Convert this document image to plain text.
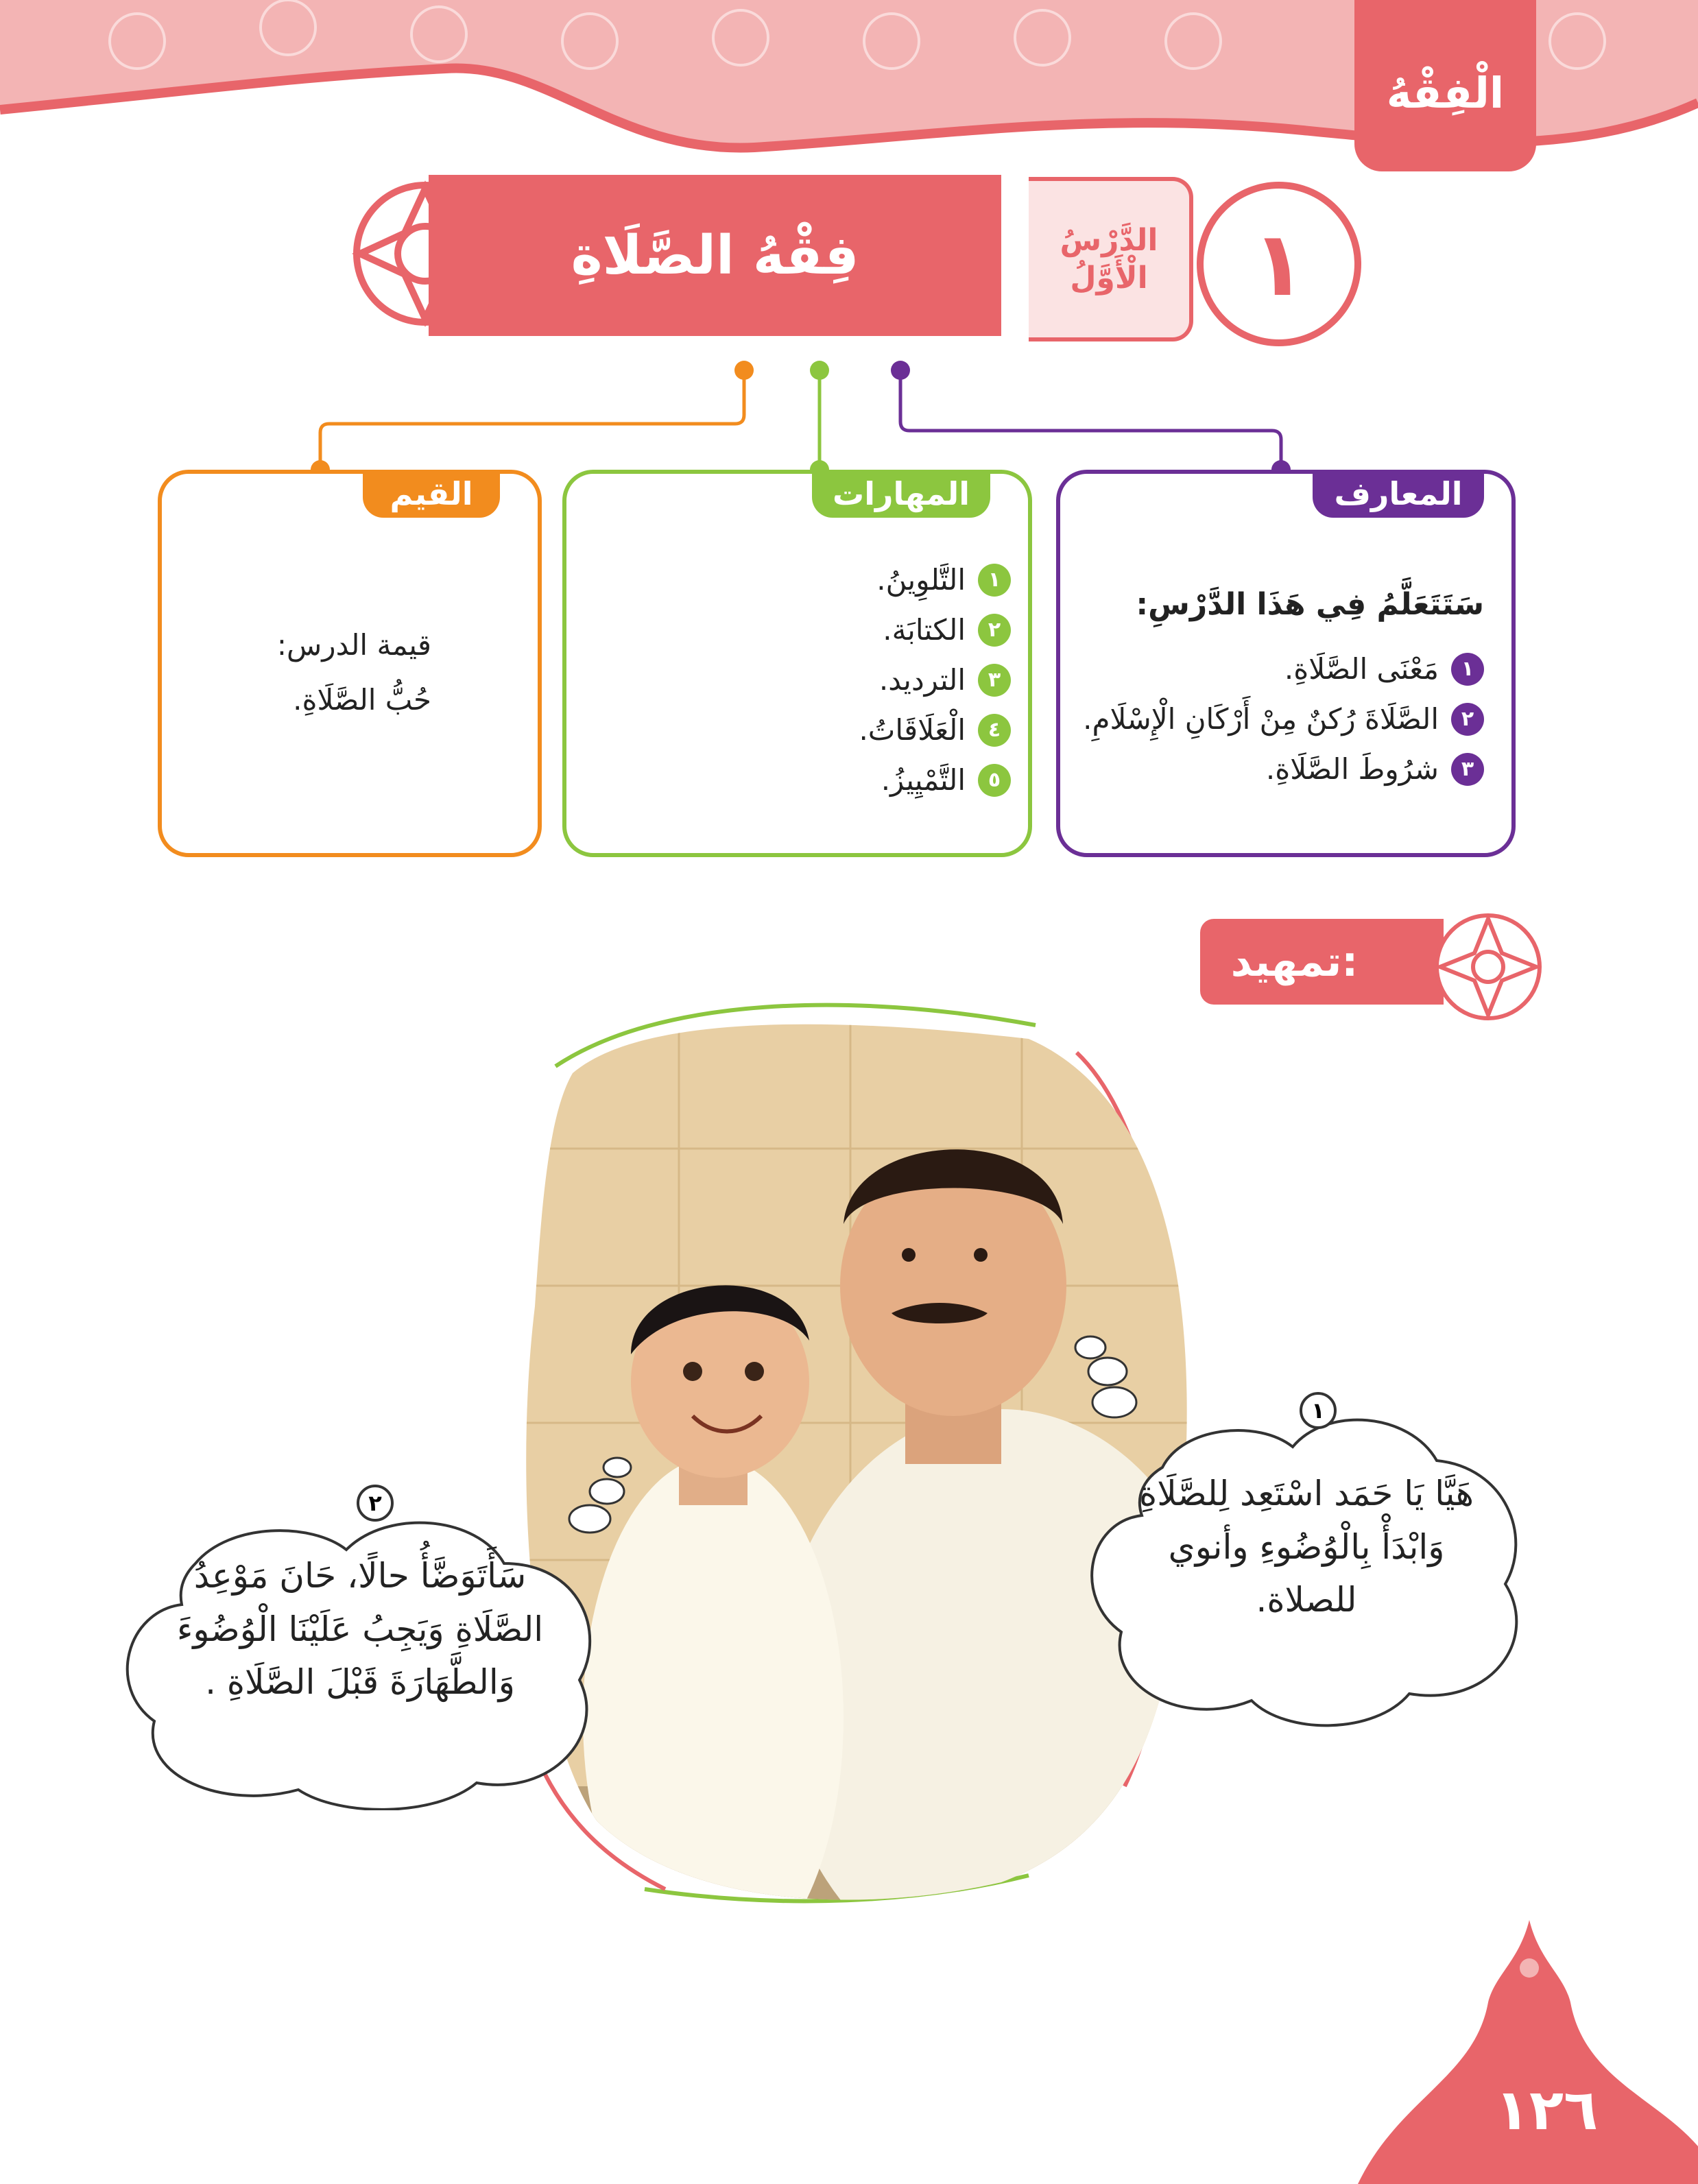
الْفِقْهُ
فِقْهُ الصَّلَاةِ	الدَّرْسُ
الْأَوَّلُ	١
المعارف
سَتَتَعَلَّمُ فِي هَذَا الدَّرْسِ:
١
مَعْنَى الصَّلَاةِ.
٢
الصَّلَاةَ رُكنٌ مِنْ أَرْكَانِ الْإِسْلَامِ.
٣
شرُوطَ الصَّلَاةِ.
المهارات
١
التَّلوِينُ.
٢
الكتابَة.
٣
الترديد.
٤
الْعَلَاقَاتُ.
٥
التَّمْيِيزُ.
القيم
قيمة الدرس:
حُبُّ الصَّلَاةِ.
تمهيد:
١
هَيَّا يَا حَمَد اسْتَعِد لِلصَّلَاةِ
وَابْدَأْ بِالْوُضُوءِ وأنوي
للصلاة.
٢
سَأَتَوَضَّأُ حالًا، حَانَ مَوْعِدُ
الصَّلَاةِ وَيَجِبُ عَلَيْنَا الْوُضُوءَ
وَالطَّهَارَةَ قَبْلَ الصَّلَاةِ .
١٢٦
